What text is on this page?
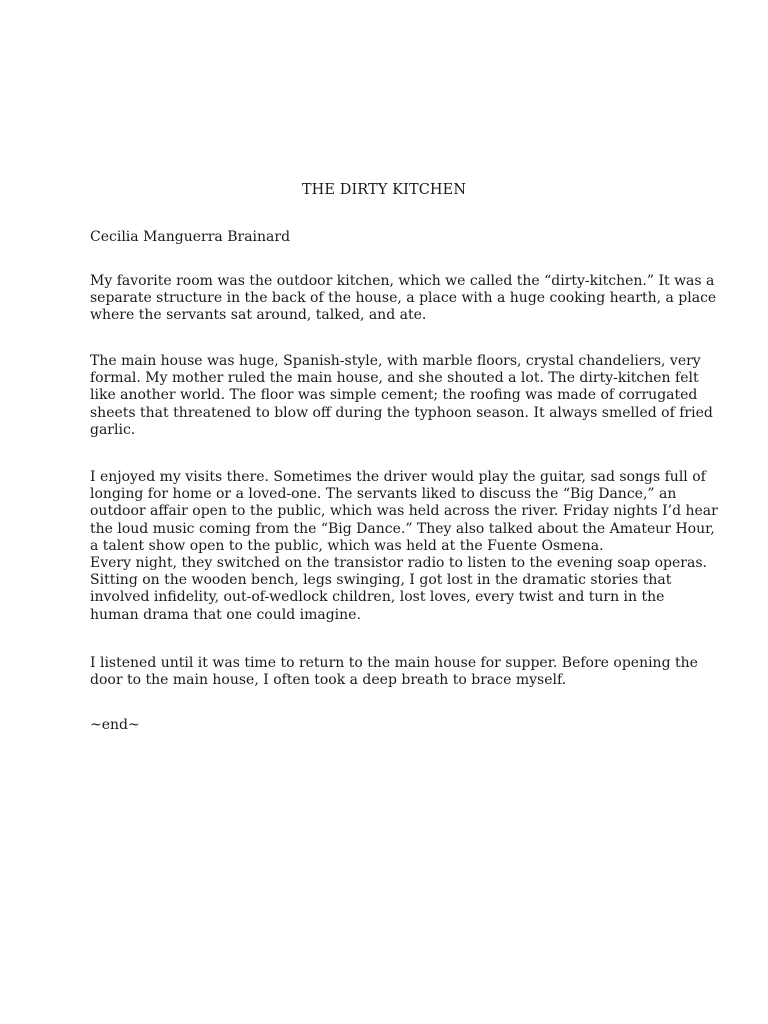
THE DIRTY KITCHEN
Cecilia Manguerra Brainard

My favorite room was the outdoor kitchen, which we called the “dirty-kitchen.” It was a
separate structure in the back of the house, a place with a huge cooking hearth, a place
where the servants sat around, talked, and ate.

The main house was huge, Spanish-style, with marble floors, crystal chandeliers, very
formal. My mother ruled the main house, and she shouted a lot. The dirty-kitchen felt
like another world. The floor was simple cement; the roofing was made of corrugated
sheets that threatened to blow off during the typhoon season. It always smelled of fried
garlic.

I enjoyed my visits there. Sometimes the driver would play the guitar, sad songs full of
longing for home or a loved-one. The servants liked to discuss the “Big Dance,” an
outdoor affair open to the public, which was held across the river. Friday nights I’d hear
the loud music coming from the “Big Dance.” They also talked about the Amateur Hour,
a talent show open to the public, which was held at the Fuente Osmena.
Every night, they switched on the transistor radio to listen to the evening soap operas.
Sitting on the wooden bench, legs swinging, I got lost in the dramatic stories that
involved infidelity, out-of-wedlock children, lost loves, every twist and turn in the
human drama that one could imagine.

I listened until it was time to return to the main house for supper. Before opening the
door to the main house, I often took a deep breath to brace myself.

~end~
